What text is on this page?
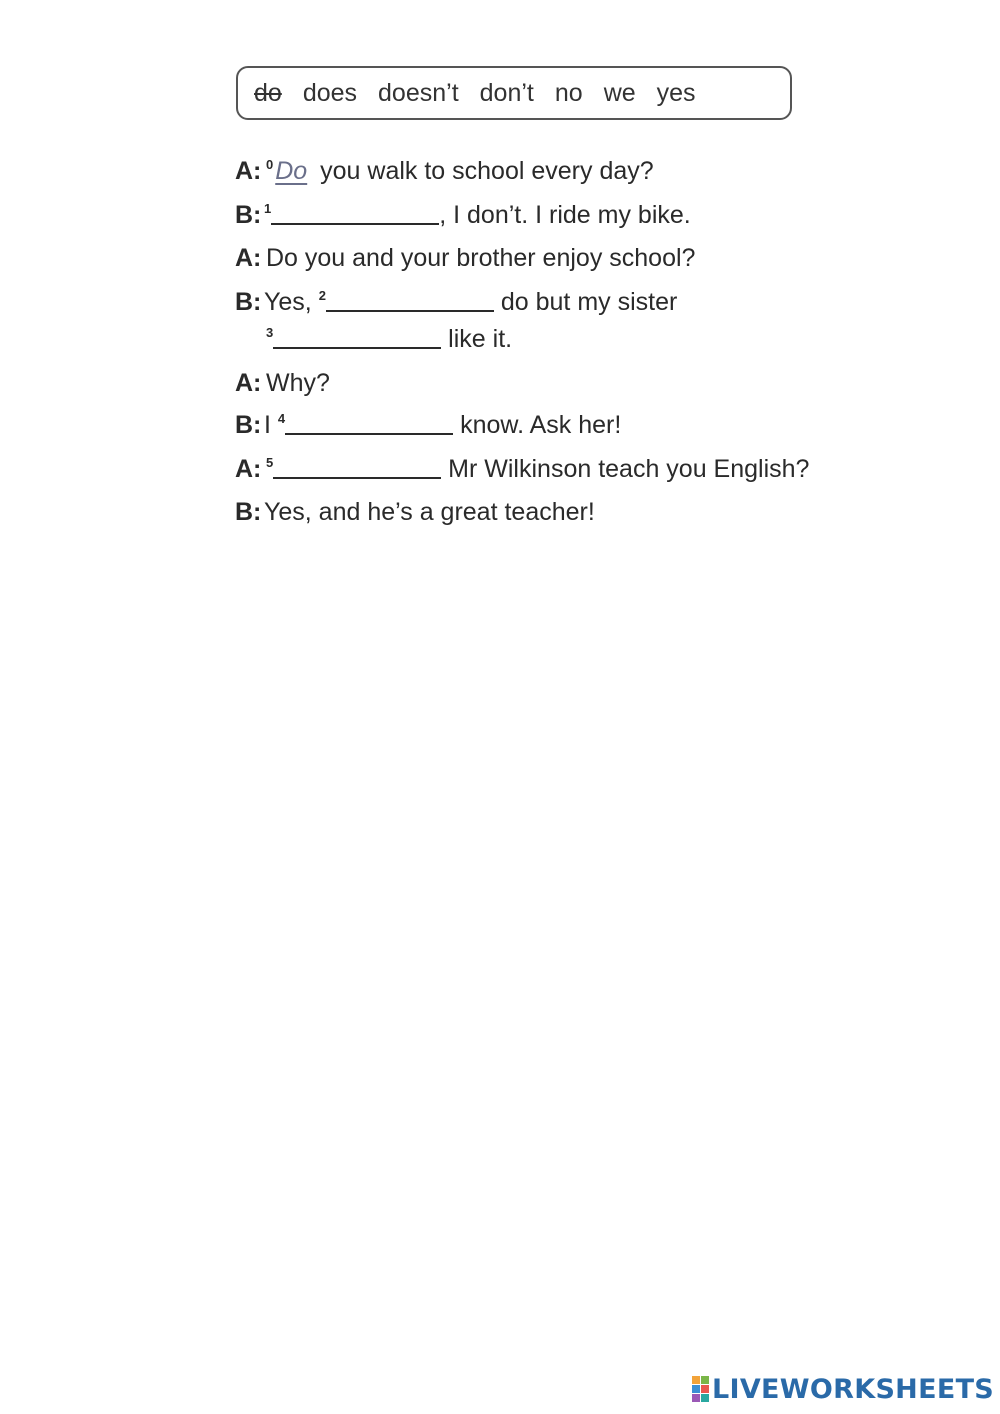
do does doesn’t don’t no we yes
A: $^0$Do you walk to school every day?
B: $^1$	, I don’t. I ride my bike.
A: Do you and your brother enjoy school?
B: Yes, $^2$	do but my sister
$^3$	like it.
A: Why?
B: I $^4$	know. Ask her!
A: $^5$	Mr Wilkinson teach you English?
B: Yes, and he’s a great teacher!
LIVEWORKSHEETS
